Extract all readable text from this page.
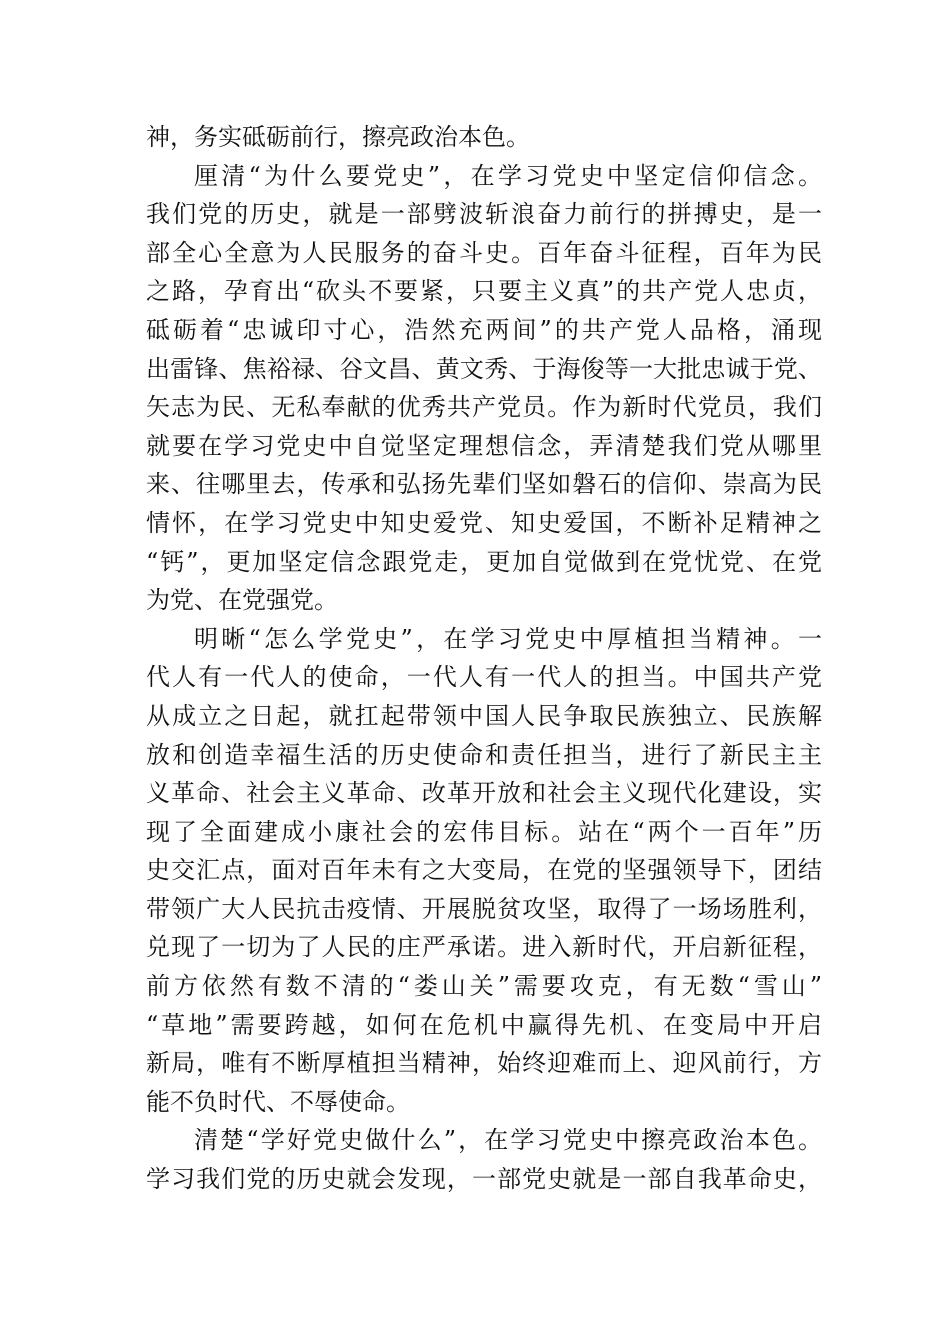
神，务实砥砺前行，擦亮政治本色。
厘清“为什么要党史”，在学习党史中坚定信仰信念。
我们党的历史，就是一部劈波斩浪奋力前行的拼搏史，是一
部全心全意为人民服务的奋斗史。百年奋斗征程，百年为民
之路，孕育出“砍头不要紧，只要主义真”的共产党人忠贞，
砥砺着“忠诚印寸心，浩然充两间”的共产党人品格，涌现
出雷锋、焦裕禄、谷文昌、黄文秀、于海俊等一大批忠诚于党、
矢志为民、无私奉献的优秀共产党员。作为新时代党员，我们
就要在学习党史中自觉坚定理想信念，弄清楚我们党从哪里
来、往哪里去，传承和弘扬先辈们坚如磐石的信仰、崇高为民
情怀，在学习党史中知史爱党、知史爱国，不断补足精神之
“钙”，更加坚定信念跟党走，更加自觉做到在党忧党、在党
为党、在党强党。
明晰“怎么学党史”，在学习党史中厚植担当精神。一
代人有一代人的使命，一代人有一代人的担当。中国共产党
从成立之日起，就扛起带领中国人民争取民族独立、民族解
放和创造幸福生活的历史使命和责任担当，进行了新民主主
义革命、社会主义革命、改革开放和社会主义现代化建设，实
现了全面建成小康社会的宏伟目标。站在“两个一百年”历
史交汇点，面对百年未有之大变局，在党的坚强领导下，团结
带领广大人民抗击疫情、开展脱贫攻坚，取得了一场场胜利，
兑现了一切为了人民的庄严承诺。进入新时代，开启新征程，
前方依然有数不清的“娄山关”需要攻克，有无数“雪山”
“草地”需要跨越，如何在危机中赢得先机、在变局中开启
新局，唯有不断厚植担当精神，始终迎难而上、迎风前行，方
能不负时代、不辱使命。
清楚“学好党史做什么”，在学习党史中擦亮政治本色。
学习我们党的历史就会发现，一部党史就是一部自我革命史，
